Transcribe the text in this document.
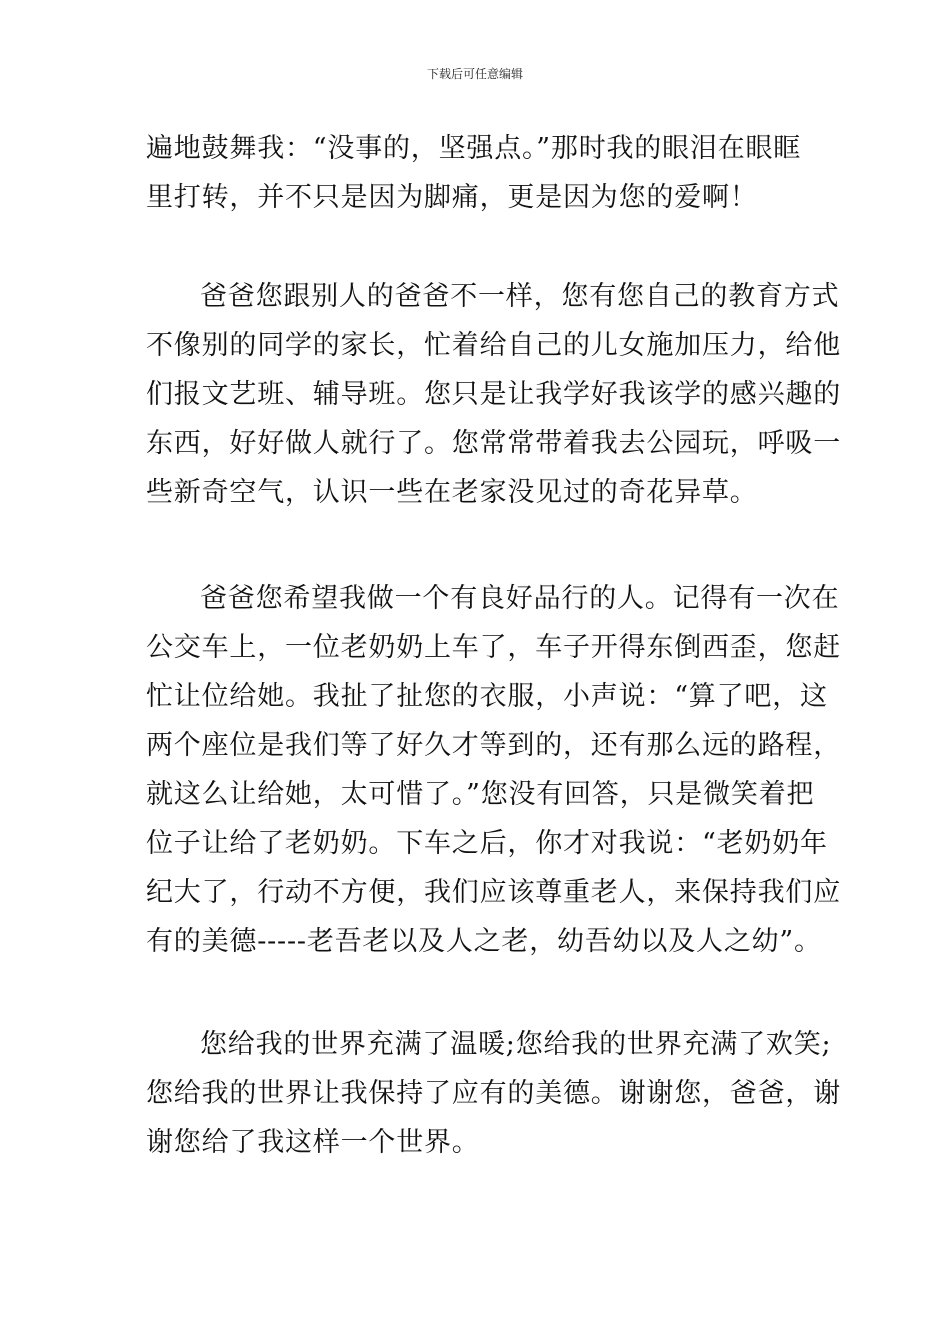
下载后可任意编辑
遍地鼓舞我：“没事的，坚强点。”那时我的眼泪在眼眶
里打转，并不只是因为脚痛，更是因为您的爱啊！
爸爸您跟别人的爸爸不一样，您有您自己的教育方式
不像别的同学的家长，忙着给自己的儿女施加压力，给他
们报文艺班、辅导班。您只是让我学好我该学的感兴趣的
东西，好好做人就行了。您常常带着我去公园玩，呼吸一
些新奇空气，认识一些在老家没见过的奇花异草。
爸爸您希望我做一个有良好品行的人。记得有一次在
公交车上，一位老奶奶上车了，车子开得东倒西歪，您赶
忙让位给她。我扯了扯您的衣服，小声说：“算了吧，这
两个座位是我们等了好久才等到的，还有那么远的路程，
就这么让给她，太可惜了。”您没有回答，只是微笑着把
位子让给了老奶奶。下车之后，你才对我说：“老奶奶年
纪大了，行动不方便，我们应该尊重老人，来保持我们应
有的美德-----老吾老以及人之老，幼吾幼以及人之幼”。
您给我的世界充满了温暖;您给我的世界充满了欢笑;
您给我的世界让我保持了应有的美德。谢谢您，爸爸，谢
谢您给了我这样一个世界。
